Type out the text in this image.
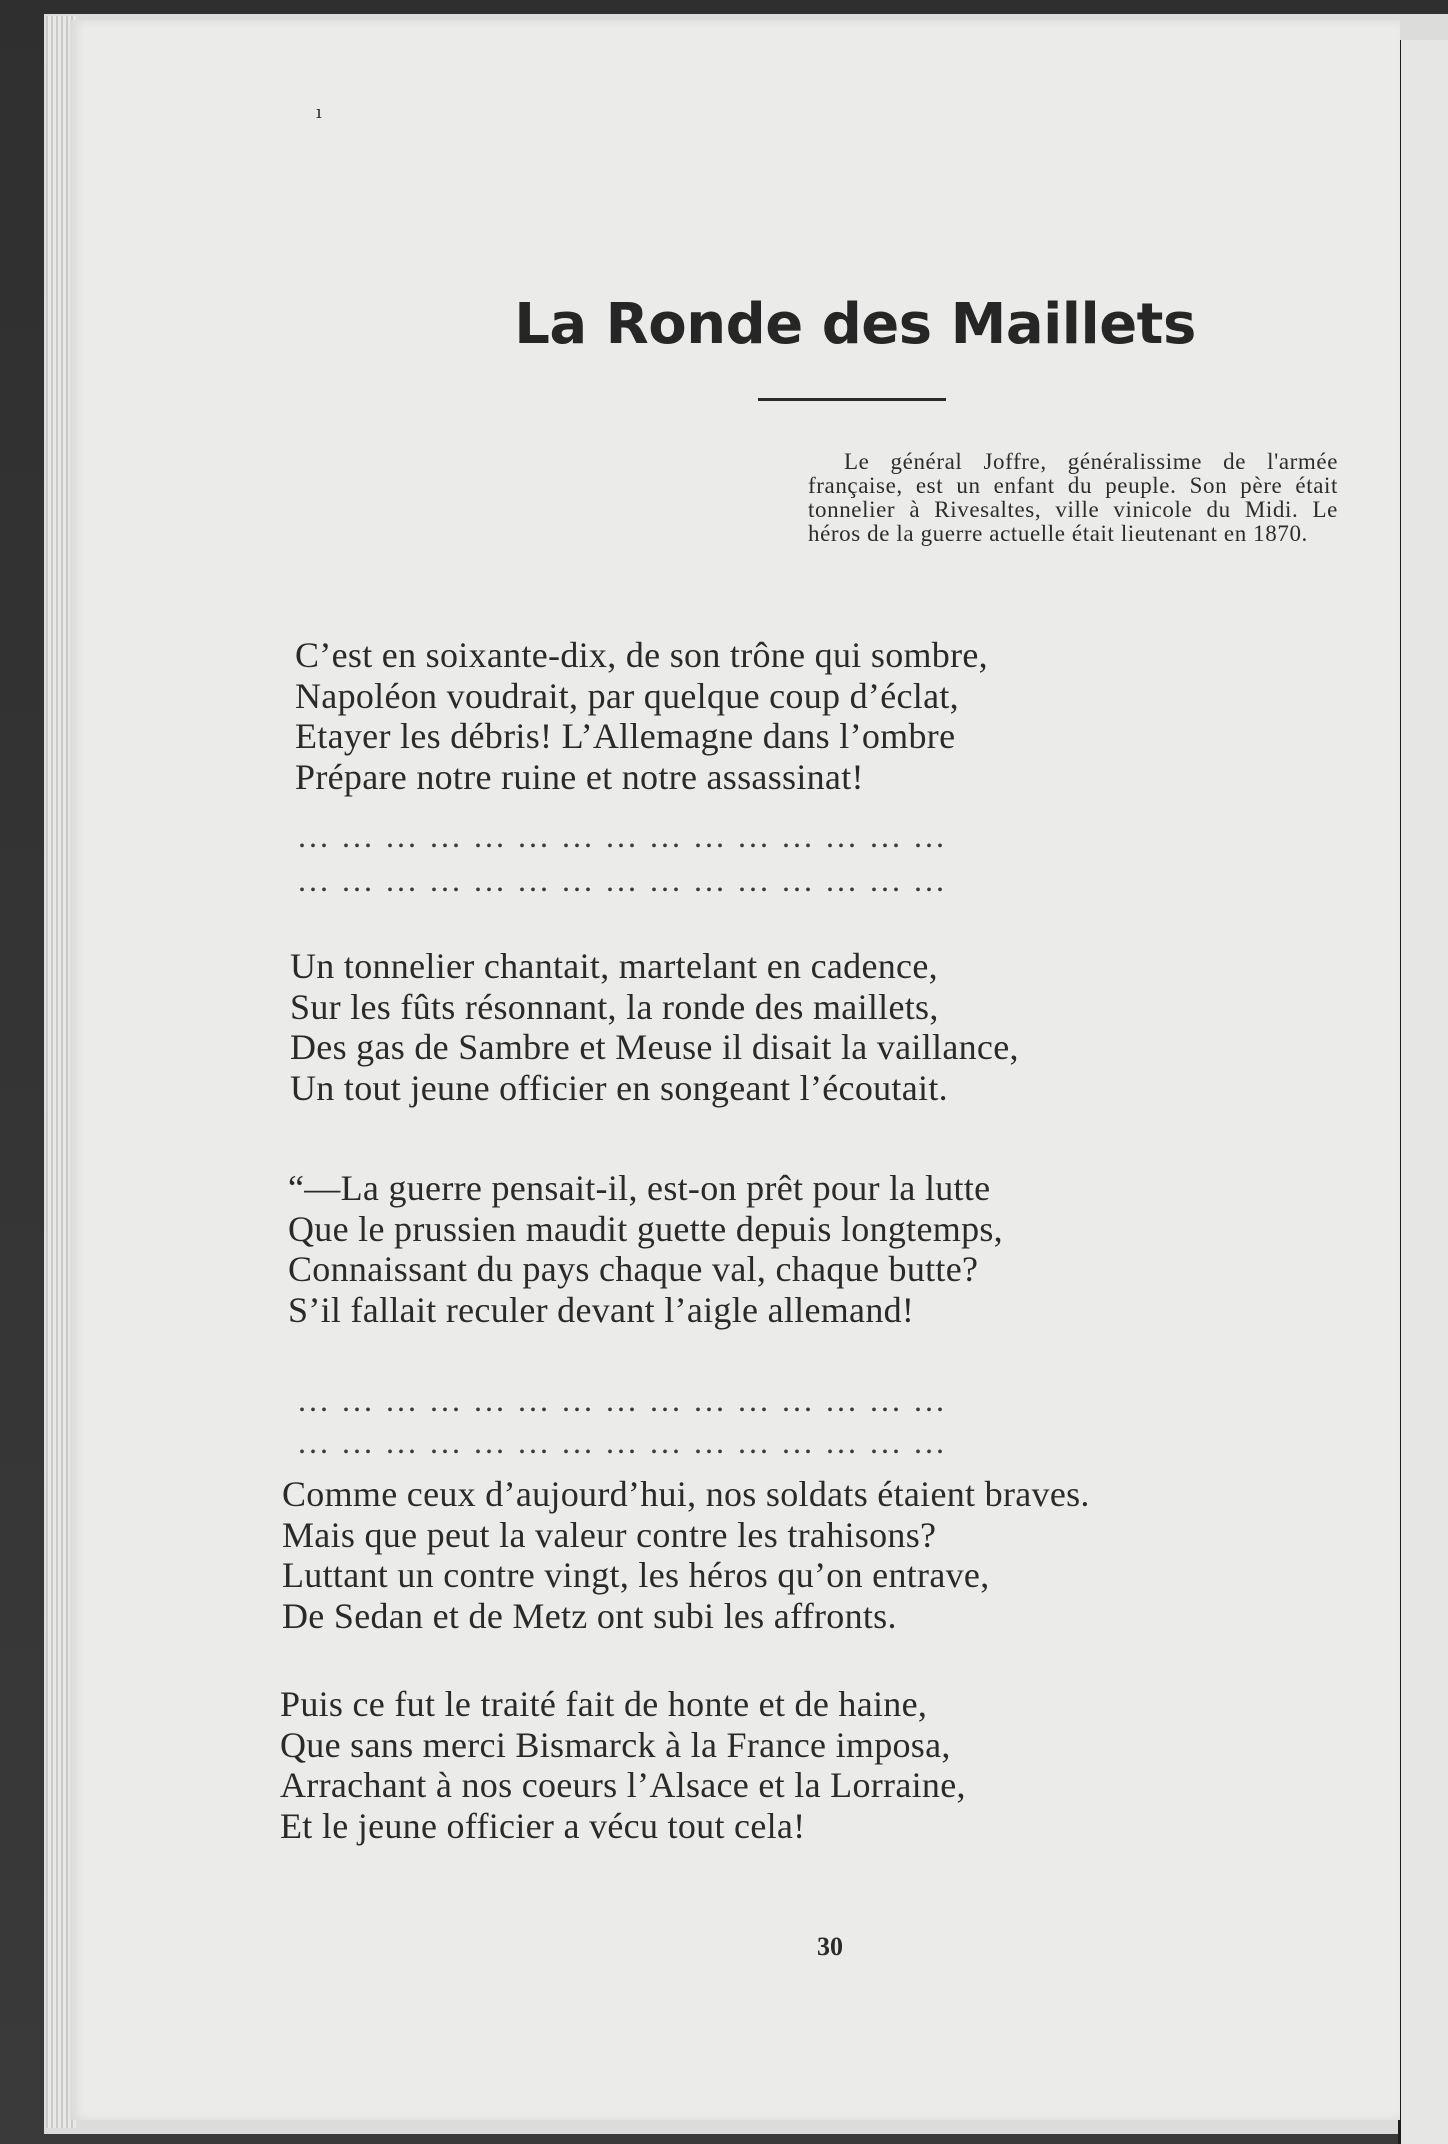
ı
La Ronde des Maillets

Le général Joffre, généralissime de l'armée française, est un enfant du peuple. Son père était tonnelier à Rivesaltes, ville vinicole du Midi. Le héros de la guerre actuelle était lieutenant en 1870.

C’est en soixante-dix, de son trône qui sombre,
Napoléon voudrait, par quelque coup d’éclat,
Etayer les débris! L’Allemagne dans l’ombre
Prépare notre ruine et notre assassinat!
... ... ... ... ... ... ... ... ... ... ... ... ... ... ...
... ... ... ... ... ... ... ... ... ... ... ... ... ... ...
Un tonnelier chantait, martelant en cadence,
Sur les fûts résonnant, la ronde des maillets,
Des gas de Sambre et Meuse il disait la vaillance,
Un tout jeune officier en songeant l’écoutait.
“—La guerre pensait-il, est-on prêt pour la lutte
Que le prussien maudit guette depuis longtemps,
Connaissant du pays chaque val, chaque butte?
S’il fallait reculer devant l’aigle allemand!
... ... ... ... ... ... ... ... ... ... ... ... ... ... ...
... ... ... ... ... ... ... ... ... ... ... ... ... ... ...
Comme ceux d’aujourd’hui, nos soldats étaient braves.
Mais que peut la valeur contre les trahisons?
Luttant un contre vingt, les héros qu’on entrave,
De Sedan et de Metz ont subi les affronts.
Puis ce fut le traité fait de honte et de haine,
Que sans merci Bismarck à la France imposa,
Arrachant à nos coeurs l’Alsace et la Lorraine,
Et le jeune officier a vécu tout cela!
30
